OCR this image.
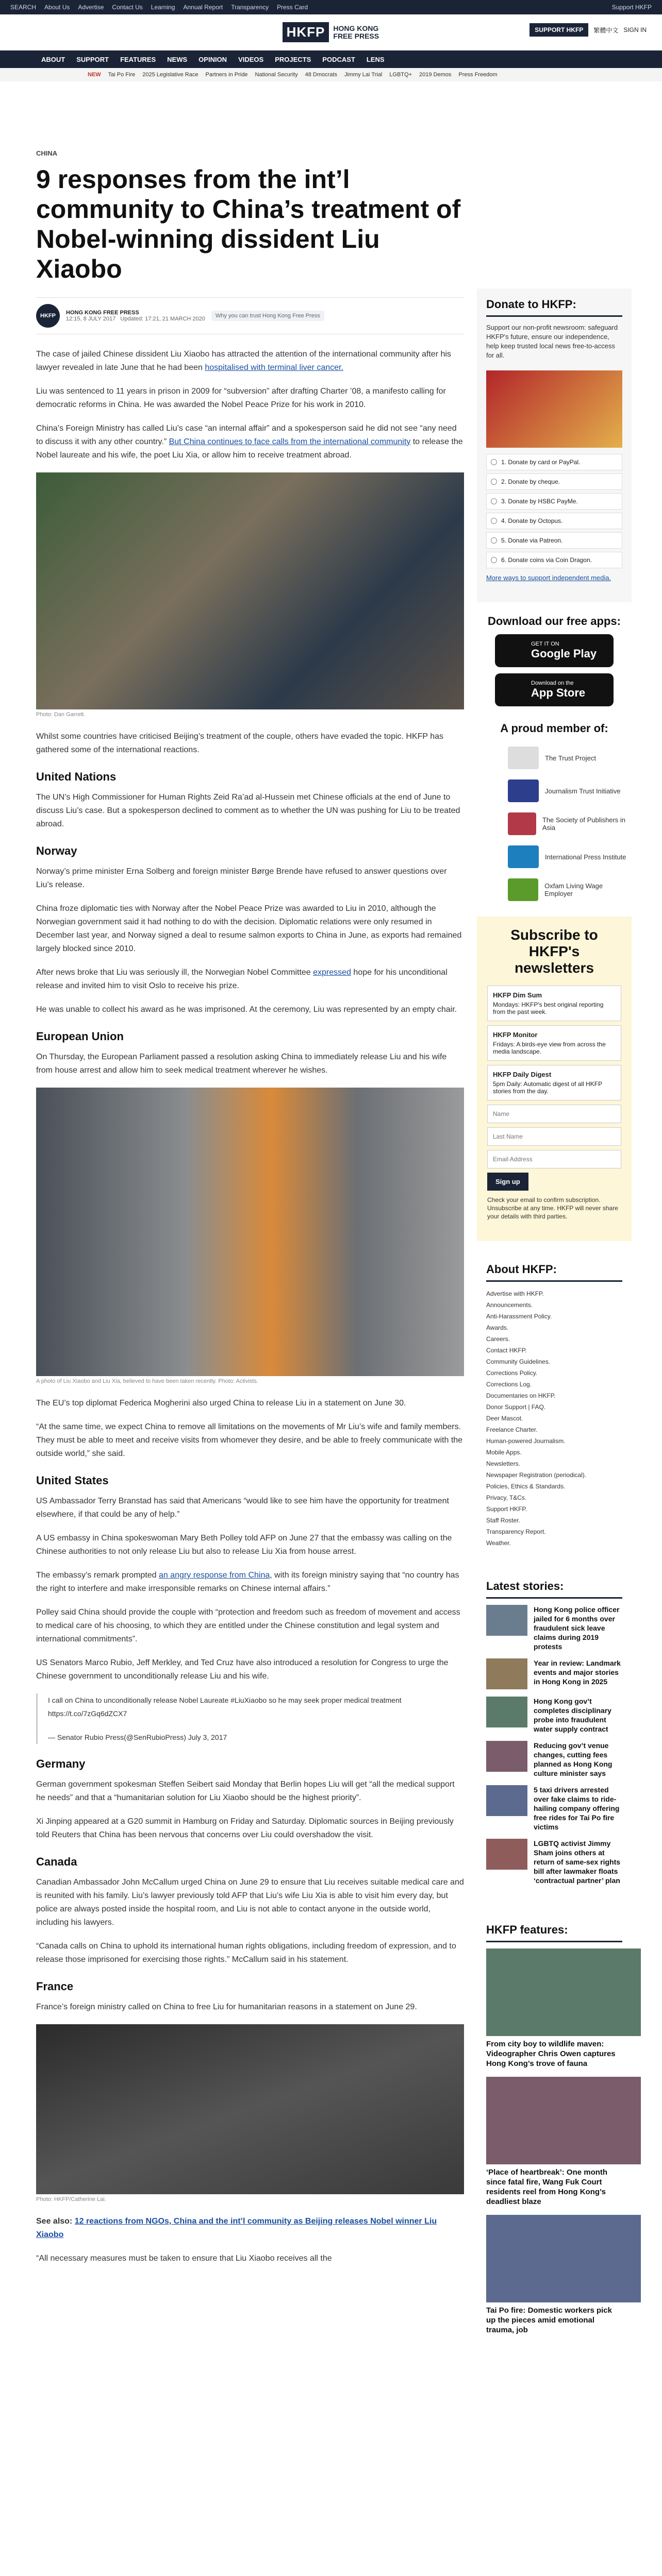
SEARCH About Us Advertise Contact Us Learning Annual Report Transparency Press Card	Support HKFP
HKFP	HONG KONG FREE PRESS
SUPPORT HKFP	繁體中文 SIGN IN
ABOUT SUPPORT FEATURES NEWS OPINION VIDEOS PROJECTS PODCAST LENS
NEW Tai Po Fire 2025 Legislative Race Partners in Pride National Security 48 Dmocrats Jimmy Lai Trial LGBTQ+ 2019 Demos Press Freedom
CHINA
9 responses from the int’l community to China’s treatment of Nobel-winning dissident Liu Xiaobo
HKFP	HONG KONG FREE PRESS
12:15, 8 JULY 2017 Updated: 17:21, 21 MARCH 2020	Why you can trust Hong Kong Free Press

The case of jailed Chinese dissident Liu Xiaobo has attracted the attention of the international community after his lawyer revealed in late June that he had been hospitalised with terminal liver cancer.

Liu was sentenced to 11 years in prison in 2009 for “subversion” after drafting Charter ’08, a manifesto calling for democratic reforms in China. He was awarded the Nobel Peace Prize for his work in 2010.

China’s Foreign Ministry has called Liu’s case “an internal affair” and a spokesperson said he did not see “any need to discuss it with any other country.” But China continues to face calls from the international community to release the Nobel laureate and his wife, the poet Liu Xia, or allow him to receive treatment abroad.

Photo: Dan Garrett.

Whilst some countries have criticised Beijing’s treatment of the couple, others have evaded the topic. HKFP has gathered some of the international reactions.

United Nations

The UN’s High Commissioner for Human Rights Zeid Ra’ad al-Hussein met Chinese officials at the end of June to discuss Liu’s case. But a spokesperson declined to comment as to whether the UN was pushing for Liu to be treated abroad.

Norway

Norway’s prime minister Erna Solberg and foreign minister Børge Brende have refused to answer questions over Liu’s release.

China froze diplomatic ties with Norway after the Nobel Peace Prize was awarded to Liu in 2010, although the Norwegian government said it had nothing to do with the decision. Diplomatic relations were only resumed in December last year, and Norway signed a deal to resume salmon exports to China in June, as exports had remained largely blocked since 2010.

After news broke that Liu was seriously ill, the Norwegian Nobel Committee expressed hope for his unconditional release and invited him to visit Oslo to receive his prize.

He was unable to collect his award as he was imprisoned. At the ceremony, Liu was represented by an empty chair.

European Union

On Thursday, the European Parliament passed a resolution asking China to immediately release Liu and his wife from house arrest and allow him to seek medical treatment wherever he wishes.

A photo of Liu Xiaobo and Liu Xia, believed to have been taken recently. Photo: Activists.

The EU’s top diplomat Federica Mogherini also urged China to release Liu in a statement on June 30.

“At the same time, we expect China to remove all limitations on the movements of Mr Liu’s wife and family members. They must be able to meet and receive visits from whomever they desire, and be able to freely communicate with the outside world,” she said.

United States

US Ambassador Terry Branstad has said that Americans “would like to see him have the opportunity for treatment elsewhere, if that could be any of help.”

A US embassy in China spokeswoman Mary Beth Polley told AFP on June 27 that the embassy was calling on the Chinese authorities to not only release Liu but also to release Liu Xia from house arrest.

The embassy’s remark prompted an angry response from China, with its foreign ministry saying that “no country has the right to interfere and make irresponsible remarks on Chinese internal affairs.”

Polley said China should provide the couple with “protection and freedom such as freedom of movement and access to medical care of his choosing, to which they are entitled under the Chinese constitution and legal system and international commitments”.

US Senators Marco Rubio, Jeff Merkley, and Ted Cruz have also introduced a resolution for Congress to urge the Chinese government to unconditionally release Liu and his wife.

I call on China to unconditionally release Nobel Laureate #LiuXiaobo so he may seek proper medical treatment https://t.co/7zGq6dZCX7

— Senator Rubio Press(@SenRubioPress) July 3, 2017

Germany

German government spokesman Steffen Seibert said Monday that Berlin hopes Liu will get “all the medical support he needs” and that a “humanitarian solution for Liu Xiaobo should be the highest priority”.

Xi Jinping appeared at a G20 summit in Hamburg on Friday and Saturday. Diplomatic sources in Beijing previously told Reuters that China has been nervous that concerns over Liu could overshadow the visit.

Canada

Canadian Ambassador John McCallum urged China on June 29 to ensure that Liu receives suitable medical care and is reunited with his family. Liu’s lawyer previously told AFP that Liu’s wife Liu Xia is able to visit him every day, but police are always posted inside the hospital room, and Liu is not able to contact anyone in the outside world, including his lawyers.

“Canada calls on China to uphold its international human rights obligations, including freedom of expression, and to release those imprisoned for exercising those rights.” McCallum said in his statement.

France

France’s foreign ministry called on China to free Liu for humanitarian reasons in a statement on June 29.

Photo: HKFP/Catherine Lai.

See also: 12 reactions from NGOs, China and the int’l community as Beijing releases Nobel winner Liu Xiaobo

“All necessary measures must be taken to ensure that Liu Xiaobo receives all the

Donate to HKFP:

Support our non-profit newsroom: safeguard HKFP's future, ensure our independence, help keep trusted local news free-to-access for all.

1. Donate by card or PayPal.
2. Donate by cheque.
3. Donate by HSBC PayMe.
4. Donate by Octopus.
5. Donate via Patreon.
6. Donate coins via Coin Dragon.

More ways to support independent media.

Download our free apps:
GET IT ON
Google Play
Download on the
App Store
A proud member of:
The Trust Project
Journalism Trust Initiative
The Society of Publishers in Asia
International Press Institute
Oxfam Living Wage Employer
Subscribe to HKFP's newsletters
HKFP Dim Sum
Mondays: HKFP's best original reporting from the past week.
HKFP Monitor
Fridays: A birds-eye view from across the media landscape.
HKFP Daily Digest
5pm Daily: Automatic digest of all HKFP stories from the day.
Name Last Name Email Address Sign up

Check your email to confirm subscription. Unsubscribe at any time. HKFP will never share your details with third parties.

About HKFP:
Advertise with HKFP.
Announcements.
Anti-Harassment Policy.
Awards.
Careers.
Contact HKFP.
Community Guidelines.
Corrections Policy.
Corrections Log.
Documentaries on HKFP.
Donor Support | FAQ.
Deer Mascot.
Freelance Charter.
Human-powered Journalism.
Mobile Apps.
Newsletters.
Newspaper Registration (periodical).
Policies, Ethics & Standards.
Privacy, T&Cs.
Support HKFP.
Staff Roster.
Transparency Report.
Weather.
Latest stories:
Hong Kong police officer jailed for 6 months over fraudulent sick leave claims during 2019 protests
Year in review: Landmark events and major stories in Hong Kong in 2025
Hong Kong gov’t completes disciplinary probe into fraudulent water supply contract
Reducing gov’t venue changes, cutting fees planned as Hong Kong culture minister says
5 taxi drivers arrested over fake claims to ride-hailing company offering free rides for Tai Po fire victims
LGBTQ activist Jimmy Sham joins others at return of same-sex rights bill after lawmaker floats ‘contractual partner’ plan
HKFP features:
From city boy to wildlife maven: Videographer Chris Owen captures Hong Kong’s trove of fauna
‘Place of heartbreak’: One month since fatal fire, Wang Fuk Court residents reel from Hong Kong’s deadliest blaze
Tai Po fire: Domestic workers pick up the pieces amid emotional trauma, job
